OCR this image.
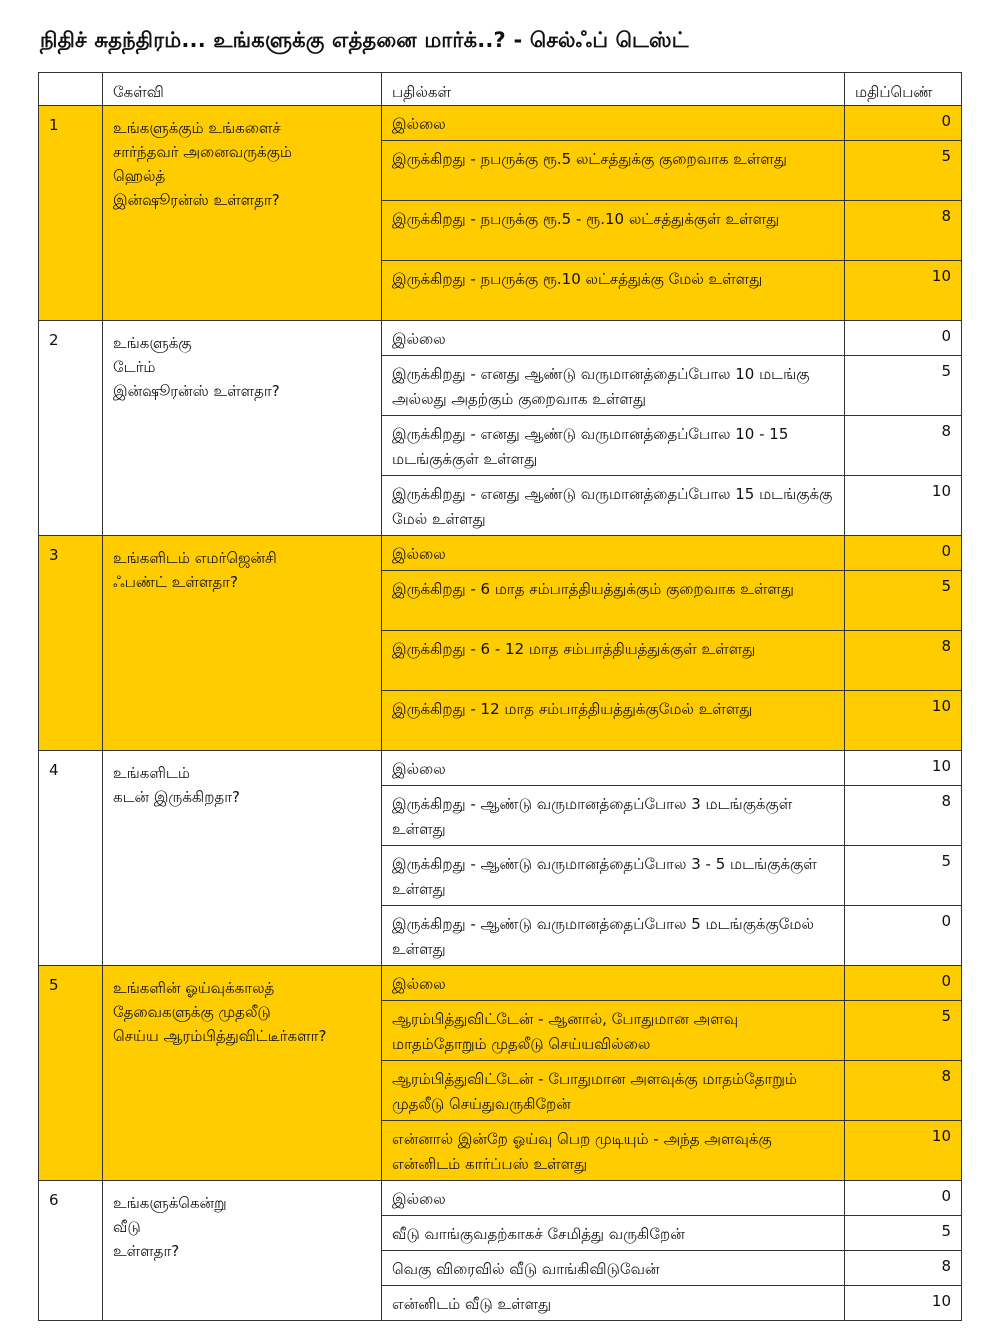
நிதிச் சுதந்திரம்... உங்களுக்கு எத்தனை மார்க்..? - செல்ஃப் டெஸ்ட்
	கேள்வி	பதில்கள்	மதிப்பெண்
1	உங்களுக்கும் உங்களைச்
சார்ந்தவர் அனைவருக்கும்
ஹெல்த்
இன்ஷூரன்ஸ் உள்ளதா?	இல்லை	0
		இருக்கிறது - நபருக்கு ரூ.5 லட்சத்துக்கு குறைவாக உள்ளது	5
		இருக்கிறது - நபருக்கு ரூ.5 - ரூ.10 லட்சத்துக்குள் உள்ளது	8
		இருக்கிறது - நபருக்கு ரூ.10 லட்சத்துக்கு மேல் உள்ளது	10
2	உங்களுக்கு
டேர்ம்
இன்ஷூரன்ஸ் உள்ளதா?	இல்லை	0
		இருக்கிறது - எனது ஆண்டு வருமானத்தைப்போல 10 மடங்கு அல்லது அதற்கும் குறைவாக உள்ளது	5
		இருக்கிறது - எனது ஆண்டு வருமானத்தைப்போல 10 - 15 மடங்குக்குள் உள்ளது	8
		இருக்கிறது - எனது ஆண்டு வருமானத்தைப்போல 15 மடங்குக்கு மேல் உள்ளது	10
3	உங்களிடம் எமர்ஜென்சி
ஃபண்ட் உள்ளதா?	இல்லை	0
		இருக்கிறது - 6 மாத சம்பாத்தியத்துக்கும் குறைவாக உள்ளது	5
		இருக்கிறது - 6 - 12 மாத சம்பாத்தியத்துக்குள் உள்ளது	8
		இருக்கிறது - 12 மாத சம்பாத்தியத்துக்குமேல் உள்ளது	10
4	உங்களிடம்
கடன் இருக்கிறதா?	இல்லை	10
		இருக்கிறது - ஆண்டு வருமானத்தைப்போல 3 மடங்குக்குள் உள்ளது	8
		இருக்கிறது - ஆண்டு வருமானத்தைப்போல 3 - 5 மடங்குக்குள் உள்ளது	5
		இருக்கிறது - ஆண்டு வருமானத்தைப்போல 5 மடங்குக்குமேல் உள்ளது	0
5	உங்களின் ஓய்வுக்காலத்
தேவைகளுக்கு முதலீடு
செய்ய ஆரம்பித்துவிட்டீர்களா?	இல்லை	0
		ஆரம்பித்துவிட்டேன் - ஆனால், போதுமான அளவு மாதம்தோறும் முதலீடு செய்யவில்லை	5
		ஆரம்பித்துவிட்டேன் - போதுமான அளவுக்கு மாதம்தோறும் முதலீடு செய்துவருகிறேன்	8
		என்னால் இன்றே ஓய்வு பெற முடியும் - அந்த அளவுக்கு என்னிடம் கார்ப்பஸ் உள்ளது	10
6	உங்களுக்கென்று
வீடு
உள்ளதா?	இல்லை	0
		வீடு வாங்குவதற்காகச் சேமித்து வருகிறேன்	5
		வெகு விரைவில் வீடு வாங்கிவிடுவேன்	8
		என்னிடம் வீடு உள்ளது	10
